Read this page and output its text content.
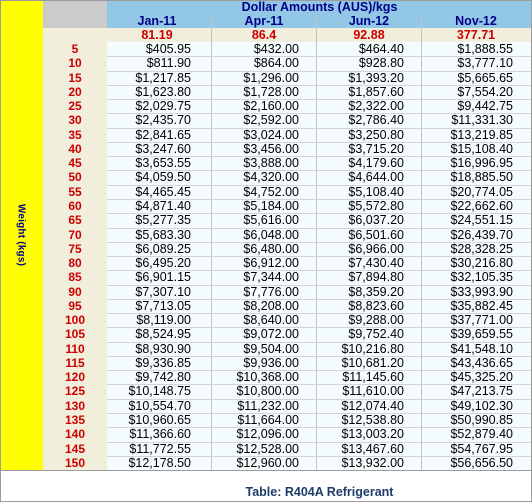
Weight (kgs)
Dollar Amounts (AUS)/kgs
Jan-11	Apr-11	Jun-12	Nov-12
81.19	86.4	92.88	377.71
5	$405.95	$432.00	$464.40	$1,888.55
10	$811.90	$864.00	$928.80	$3,777.10
15	$1,217.85	$1,296.00	$1,393.20	$5,665.65
20	$1,623.80	$1,728.00	$1,857.60	$7,554.20
25	$2,029.75	$2,160.00	$2,322.00	$9,442.75
30	$2,435.70	$2,592.00	$2,786.40	$11,331.30
35	$2,841.65	$3,024.00	$3,250.80	$13,219.85
40	$3,247.60	$3,456.00	$3,715.20	$15,108.40
45	$3,653.55	$3,888.00	$4,179.60	$16,996.95
50	$4,059.50	$4,320.00	$4,644.00	$18,885.50
55	$4,465.45	$4,752.00	$5,108.40	$20,774.05
60	$4,871.40	$5,184.00	$5,572.80	$22,662.60
65	$5,277.35	$5,616.00	$6,037.20	$24,551.15
70	$5,683.30	$6,048.00	$6,501.60	$26,439.70
75	$6,089.25	$6,480.00	$6,966.00	$28,328.25
80	$6,495.20	$6,912.00	$7,430.40	$30,216.80
85	$6,901.15	$7,344.00	$7,894.80	$32,105.35
90	$7,307.10	$7,776.00	$8,359.20	$33,993.90
95	$7,713.05	$8,208.00	$8,823.60	$35,882.45
100	$8,119.00	$8,640.00	$9,288.00	$37,771.00
105	$8,524.95	$9,072.00	$9,752.40	$39,659.55
110	$8,930.90	$9,504.00	$10,216.80	$41,548.10
115	$9,336.85	$9,936.00	$10,681.20	$43,436.65
120	$9,742.80	$10,368.00	$11,145.60	$45,325.20
125	$10,148.75	$10,800.00	$11,610.00	$47,213.75
130	$10,554.70	$11,232.00	$12,074.40	$49,102.30
135	$10,960.65	$11,664.00	$12,538.80	$50,990.85
140	$11,366.60	$12,096.00	$13,003.20	$52,879.40
145	$11,772.55	$12,528.00	$13,467.60	$54,767.95
150	$12,178.50	$12,960.00	$13,932.00	$56,656.50
Table: R404A Refrigerant
